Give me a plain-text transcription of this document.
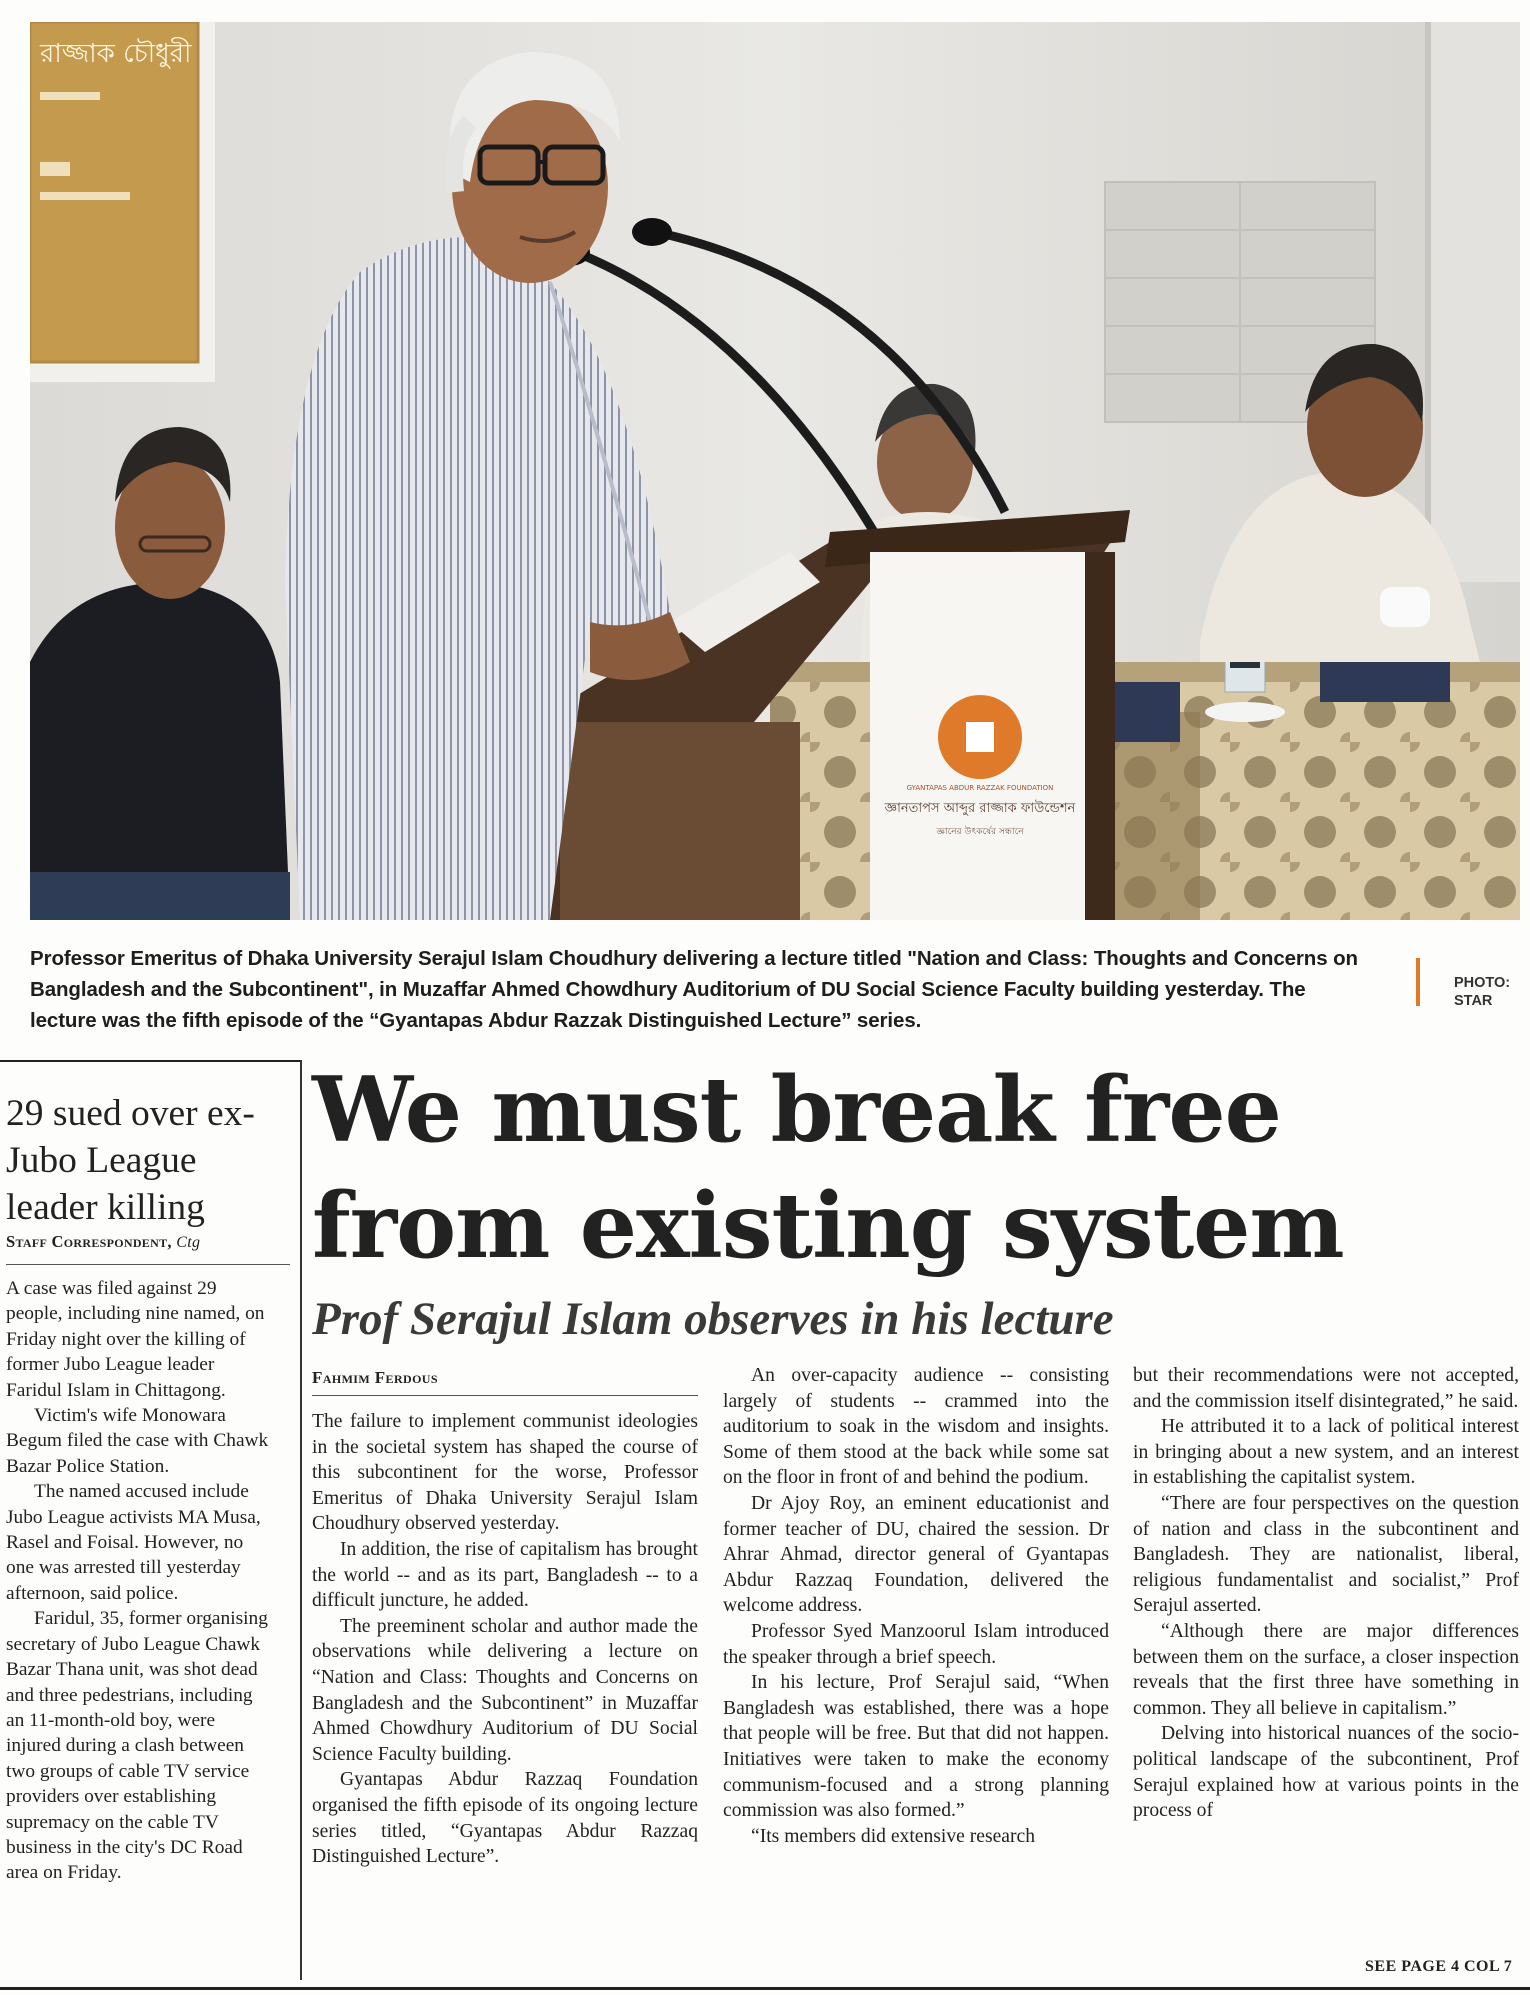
রাজ্জাক চৌধুরী
জ্ঞানতাপস আব্দুর রাজ্জাক ফাউন্ডেশন
জ্ঞানের উৎকর্ষের সন্ধানে
GYANTAPAS ABDUR RAZZAK FOUNDATION
Professor Emeritus of Dhaka University Serajul Islam Choudhury delivering a lecture titled "Nation and Class: Thoughts and Concerns on Bangladesh and the Subcontinent", in Muzaffar Ahmed Chowdhury Auditorium of DU Social Science Faculty building yesterday. The lecture was the fifth episode of the “Gyantapas Abdur Razzak Distinguished Lecture” series.
PHOTO:
STAR
29 sued over ex-Jubo League leader killing
Staff Correspondent, Ctg

A case was filed against 29 people, including nine named, on Friday night over the killing of former Jubo League leader Faridul Islam in Chittagong.

Victim's wife Monowara Begum filed the case with Chawk Bazar Police Station.

The named accused include Jubo League activists MA Musa, Rasel and Foisal. However, no one was arrested till yesterday afternoon, said police.

Faridul, 35, former organising secretary of Jubo League Chawk Bazar Thana unit, was shot dead and three pedestrians, including an 11-month-old boy, were injured during a clash between two groups of cable TV service providers over establishing supremacy on the cable TV business in the city's DC Road area on Friday.

We must break free from existing system
Prof Serajul Islam observes in his lecture
Fahmim Ferdous

The failure to implement communist ideologies in the societal system has shaped the course of this subcontinent for the worse, Professor Emeritus of Dhaka University Serajul Islam Choudhury observed yesterday.

In addition, the rise of capitalism has brought the world -- and as its part, Bangladesh -- to a difficult juncture, he added.

The preeminent scholar and author made the observations while delivering a lecture on “Nation and Class: Thoughts and Concerns on Bangladesh and the Subcontinent” in Muzaffar Ahmed Chowdhury Auditorium of DU Social Science Faculty building.

Gyantapas Abdur Razzaq Foundation organised the fifth episode of its ongoing lecture series titled, “Gyantapas Abdur Razzaq Distinguished Lecture”.

An over-capacity audience -- consisting largely of students -- crammed into the auditorium to soak in the wisdom and insights. Some of them stood at the back while some sat on the floor in front of and behind the podium.

Dr Ajoy Roy, an eminent educationist and former teacher of DU, chaired the session. Dr Ahrar Ahmad, director general of Gyantapas Abdur Razzaq Foundation, delivered the welcome address.

Professor Syed Manzoorul Islam introduced the speaker through a brief speech.

In his lecture, Prof Serajul said, “When Bangladesh was established, there was a hope that people will be free. But that did not happen. Initiatives were taken to make the economy communism-focused and a strong planning commission was also formed.”

“Its members did extensive research

but their recommendations were not accepted, and the commission itself disintegrated,” he said.

He attributed it to a lack of political interest in bringing about a new system, and an interest in establishing the capitalist system.

“There are four perspectives on the question of nation and class in the subcontinent and Bangladesh. They are nationalist, liberal, religious fundamentalist and socialist,” Prof Serajul asserted.

“Although there are major differences between them on the surface, a closer inspection reveals that the first three have something in common. They all believe in capitalism.”

Delving into historical nuances of the socio-political landscape of the subcontinent, Prof Serajul explained how at various points in the process of

SEE PAGE 4 COL 7
